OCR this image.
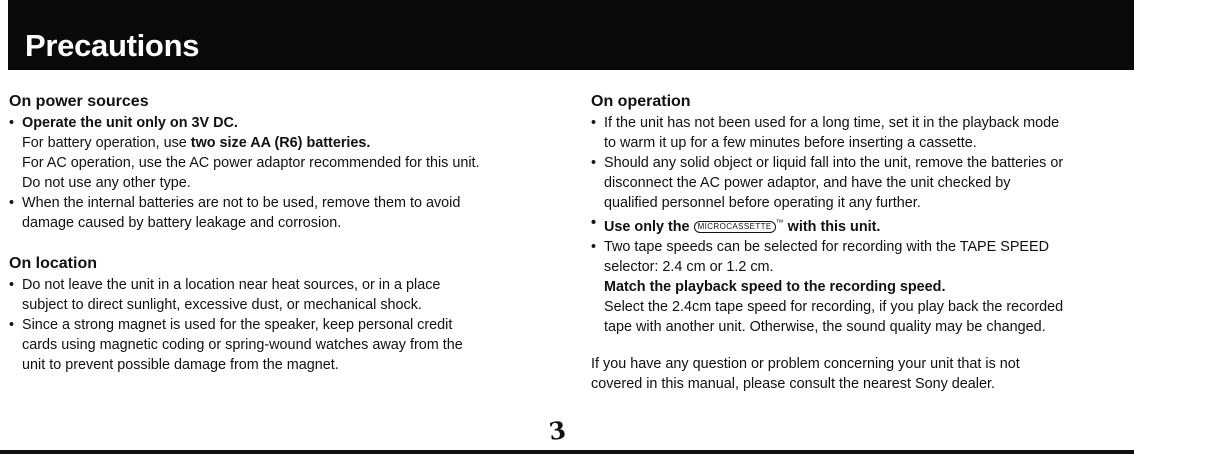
Precautions
On power sources
• Operate the unit only on 3V DC.
For battery operation, use two size AA (R6) batteries.
For AC operation, use the AC power adaptor recommended for this unit.
Do not use any other type.
• When the internal batteries are not to be used, remove them to avoid
damage caused by battery leakage and corrosion.
On location
• Do not leave the unit in a location near heat sources, or in a place
subject to direct sunlight, excessive dust, or mechanical shock.
• Since a strong magnet is used for the speaker, keep personal credit
cards using magnetic coding or spring-wound watches away from the
unit to prevent possible damage from the magnet.
On operation
• If the unit has not been used for a long time, set it in the playback mode
to warm it up for a few minutes before inserting a cassette.
• Should any solid object or liquid fall into the unit, remove the batteries or
disconnect the AC power adaptor, and have the unit checked by
qualified personnel before operating it any further.
• Use only the MICROCASSETTE ™ with this unit.
• Two tape speeds can be selected for recording with the TAPE SPEED
selector: 2.4 cm or 1.2 cm.
Match the playback speed to the recording speed.
Select the 2.4cm tape speed for recording, if you play back the recorded
tape with another unit. Otherwise, the sound quality may be changed.
If you have any question or problem concerning your unit that is not
covered in this manual, please consult the nearest Sony dealer.
3
